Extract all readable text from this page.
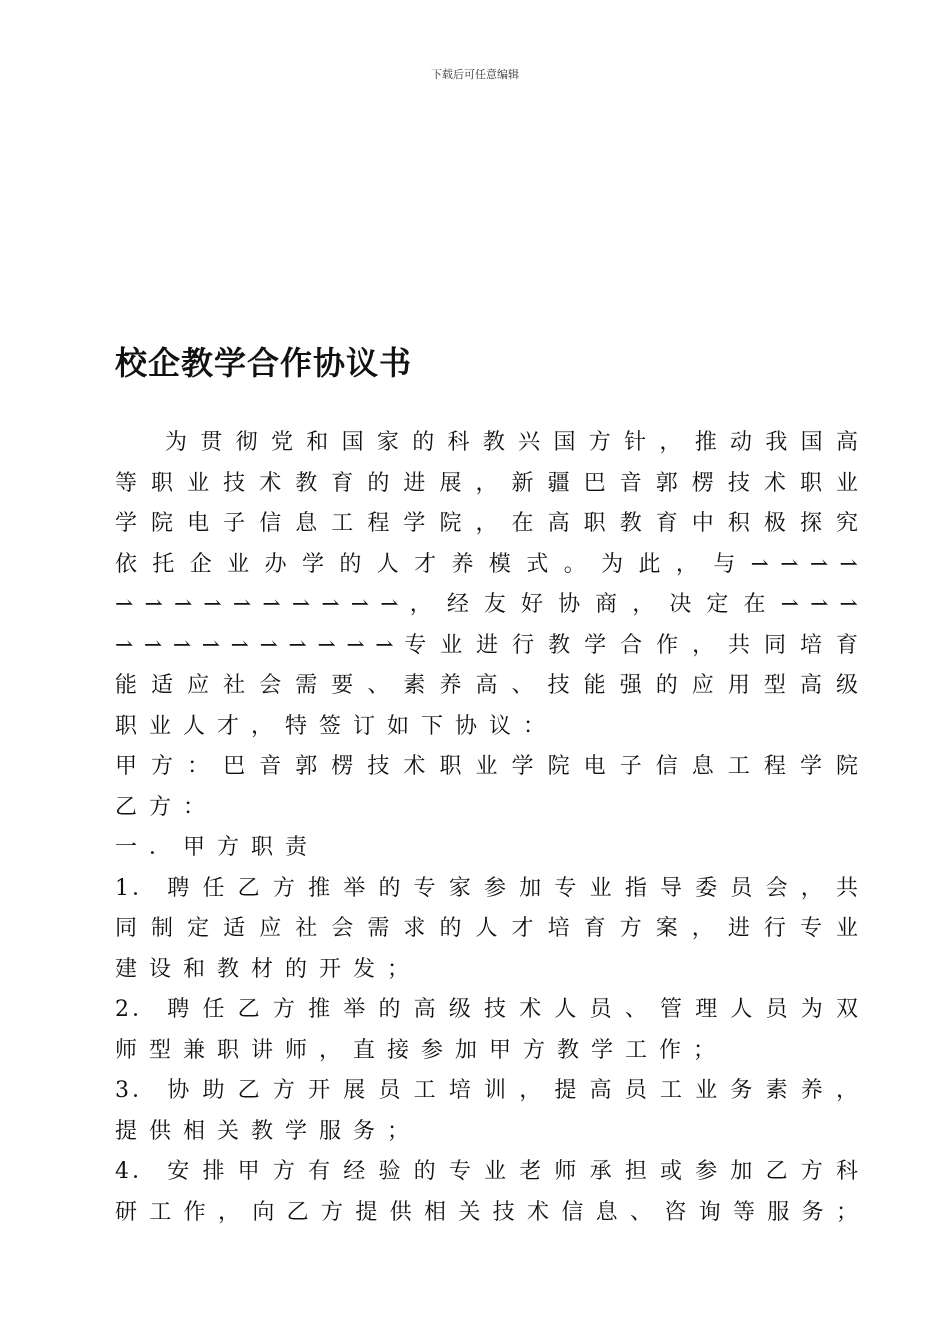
下载后可任意编辑
校企教学合作协议书
为 贯 彻 党 和 国 家 的 科 教 兴 国 方 针 ， 推 动 我 国 高
等 职 业 技 术 教 育 的 进 展 ， 新 疆 巴 音 郭 楞 技 术 职 业
学 院 电 子 信 息 工 程 学 院 ， 在 高 职 教 育 中 积 极 探 究
依 托 企 业 办 学 的 人 才 养 模 式 。 为 此 ， 与 ⇀ ⇀ ⇀ ⇀
⇀ ⇀ ⇀ ⇀ ⇀ ⇀ ⇀ ⇀ ⇀ ⇀ ， 经 友 好 协 商 ， 决 定 在 ⇀ ⇀ ⇀
⇀ ⇀ ⇀ ⇀ ⇀ ⇀ ⇀ ⇀ ⇀ ⇀ 专 业 进 行 教 学 合 作 ， 共 同 培 育
能 适 应 社 会 需 要 、 素 养 高 、 技 能 强 的 应 用 型 高 级
职业人才，特签订如下协议：
甲 方 ： 巴 音 郭 楞 技 术 职 业 学 院 电 子 信 息 工 程 学 院
乙方：
一．甲方职责
1． 聘 任 乙 方 推 举 的 专 家 参 加 专 业 指 导 委 员 会 ， 共
同 制 定 适 应 社 会 需 求 的 人 才 培 育 方 案 ， 进 行 专 业
建设和教材的开发；
2． 聘 任 乙 方 推 举 的 高 级 技 术 人 员 、 管 理 人 员 为 双
师型兼职讲师，直接参加甲方教学工作；
3． 协 助 乙 方 开 展 员 工 培 训 ， 提 高 员 工 业 务 素 养 ，
提供相关教学服务；
4． 安 排 甲 方 有 经 验 的 专 业 老 师 承 担 或 参 加 乙 方 科
研 工 作 ， 向 乙 方 提 供 相 关 技 术 信 息 、 咨 询 等 服 务 ；
